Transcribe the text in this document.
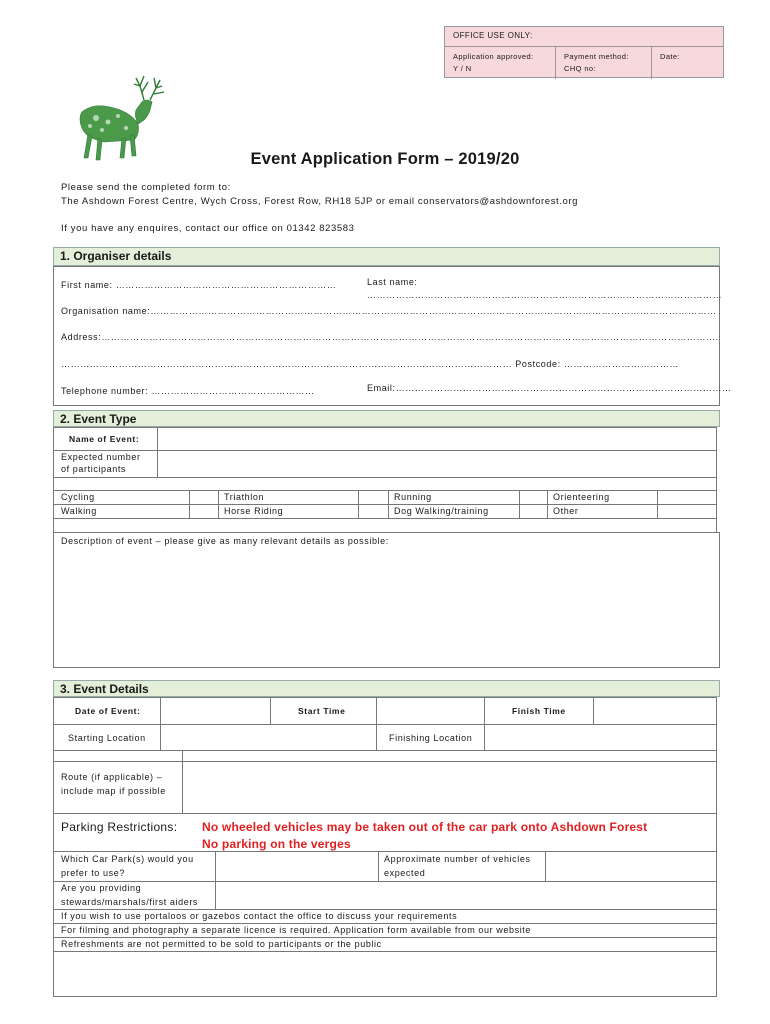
OFFICE USE ONLY:
Application approved:
Y / N
Payment method:
CHQ no:
Date:
Event Application Form – 2019/20
Please send the completed form to:
The Ashdown Forest Centre, Wych Cross, Forest Row, RH18 5JP or email conservators@ashdownforest.org
If you have any enquires, contact our office on 01342 823583
1. Organiser details
First name: ……………………………………………………………	Last name: …………………………………………………………………………………………………
Organisation name:……………………………………………………………………………………………………………………………………………………………
Address:………………………………………………………………………………………………………………………………………………………………………….
…………………………………………………………………………………………………………………………… Postcode: ………………………………
Telephone number: ……………………………………………	Email:……………………………………………………………………………………………
2. Event Type
Name of Event:
Expected number
of participants
Cycling	Triathlon	Running	Orienteering
Walking	Horse Riding	Dog Walking/training	Other
Description of event – please give as many relevant details as possible:
3. Event Details
Date of Event:	Start Time	Finish Time
Starting Location	Finishing Location
Route (if applicable) –
include map if possible
Parking Restrictions: No wheeled vehicles may be taken out of the car park onto Ashdown Forest
No parking on the verges
Which Car Park(s) would you
prefer to use?
Approximate number of vehicles
expected
Are you providing
stewards/marshals/first aiders
If you wish to use portaloos or gazebos contact the office to discuss your requirements
For filming and photography a separate licence is required. Application form available from our website
Refreshments are not permitted to be sold to participants or the public
